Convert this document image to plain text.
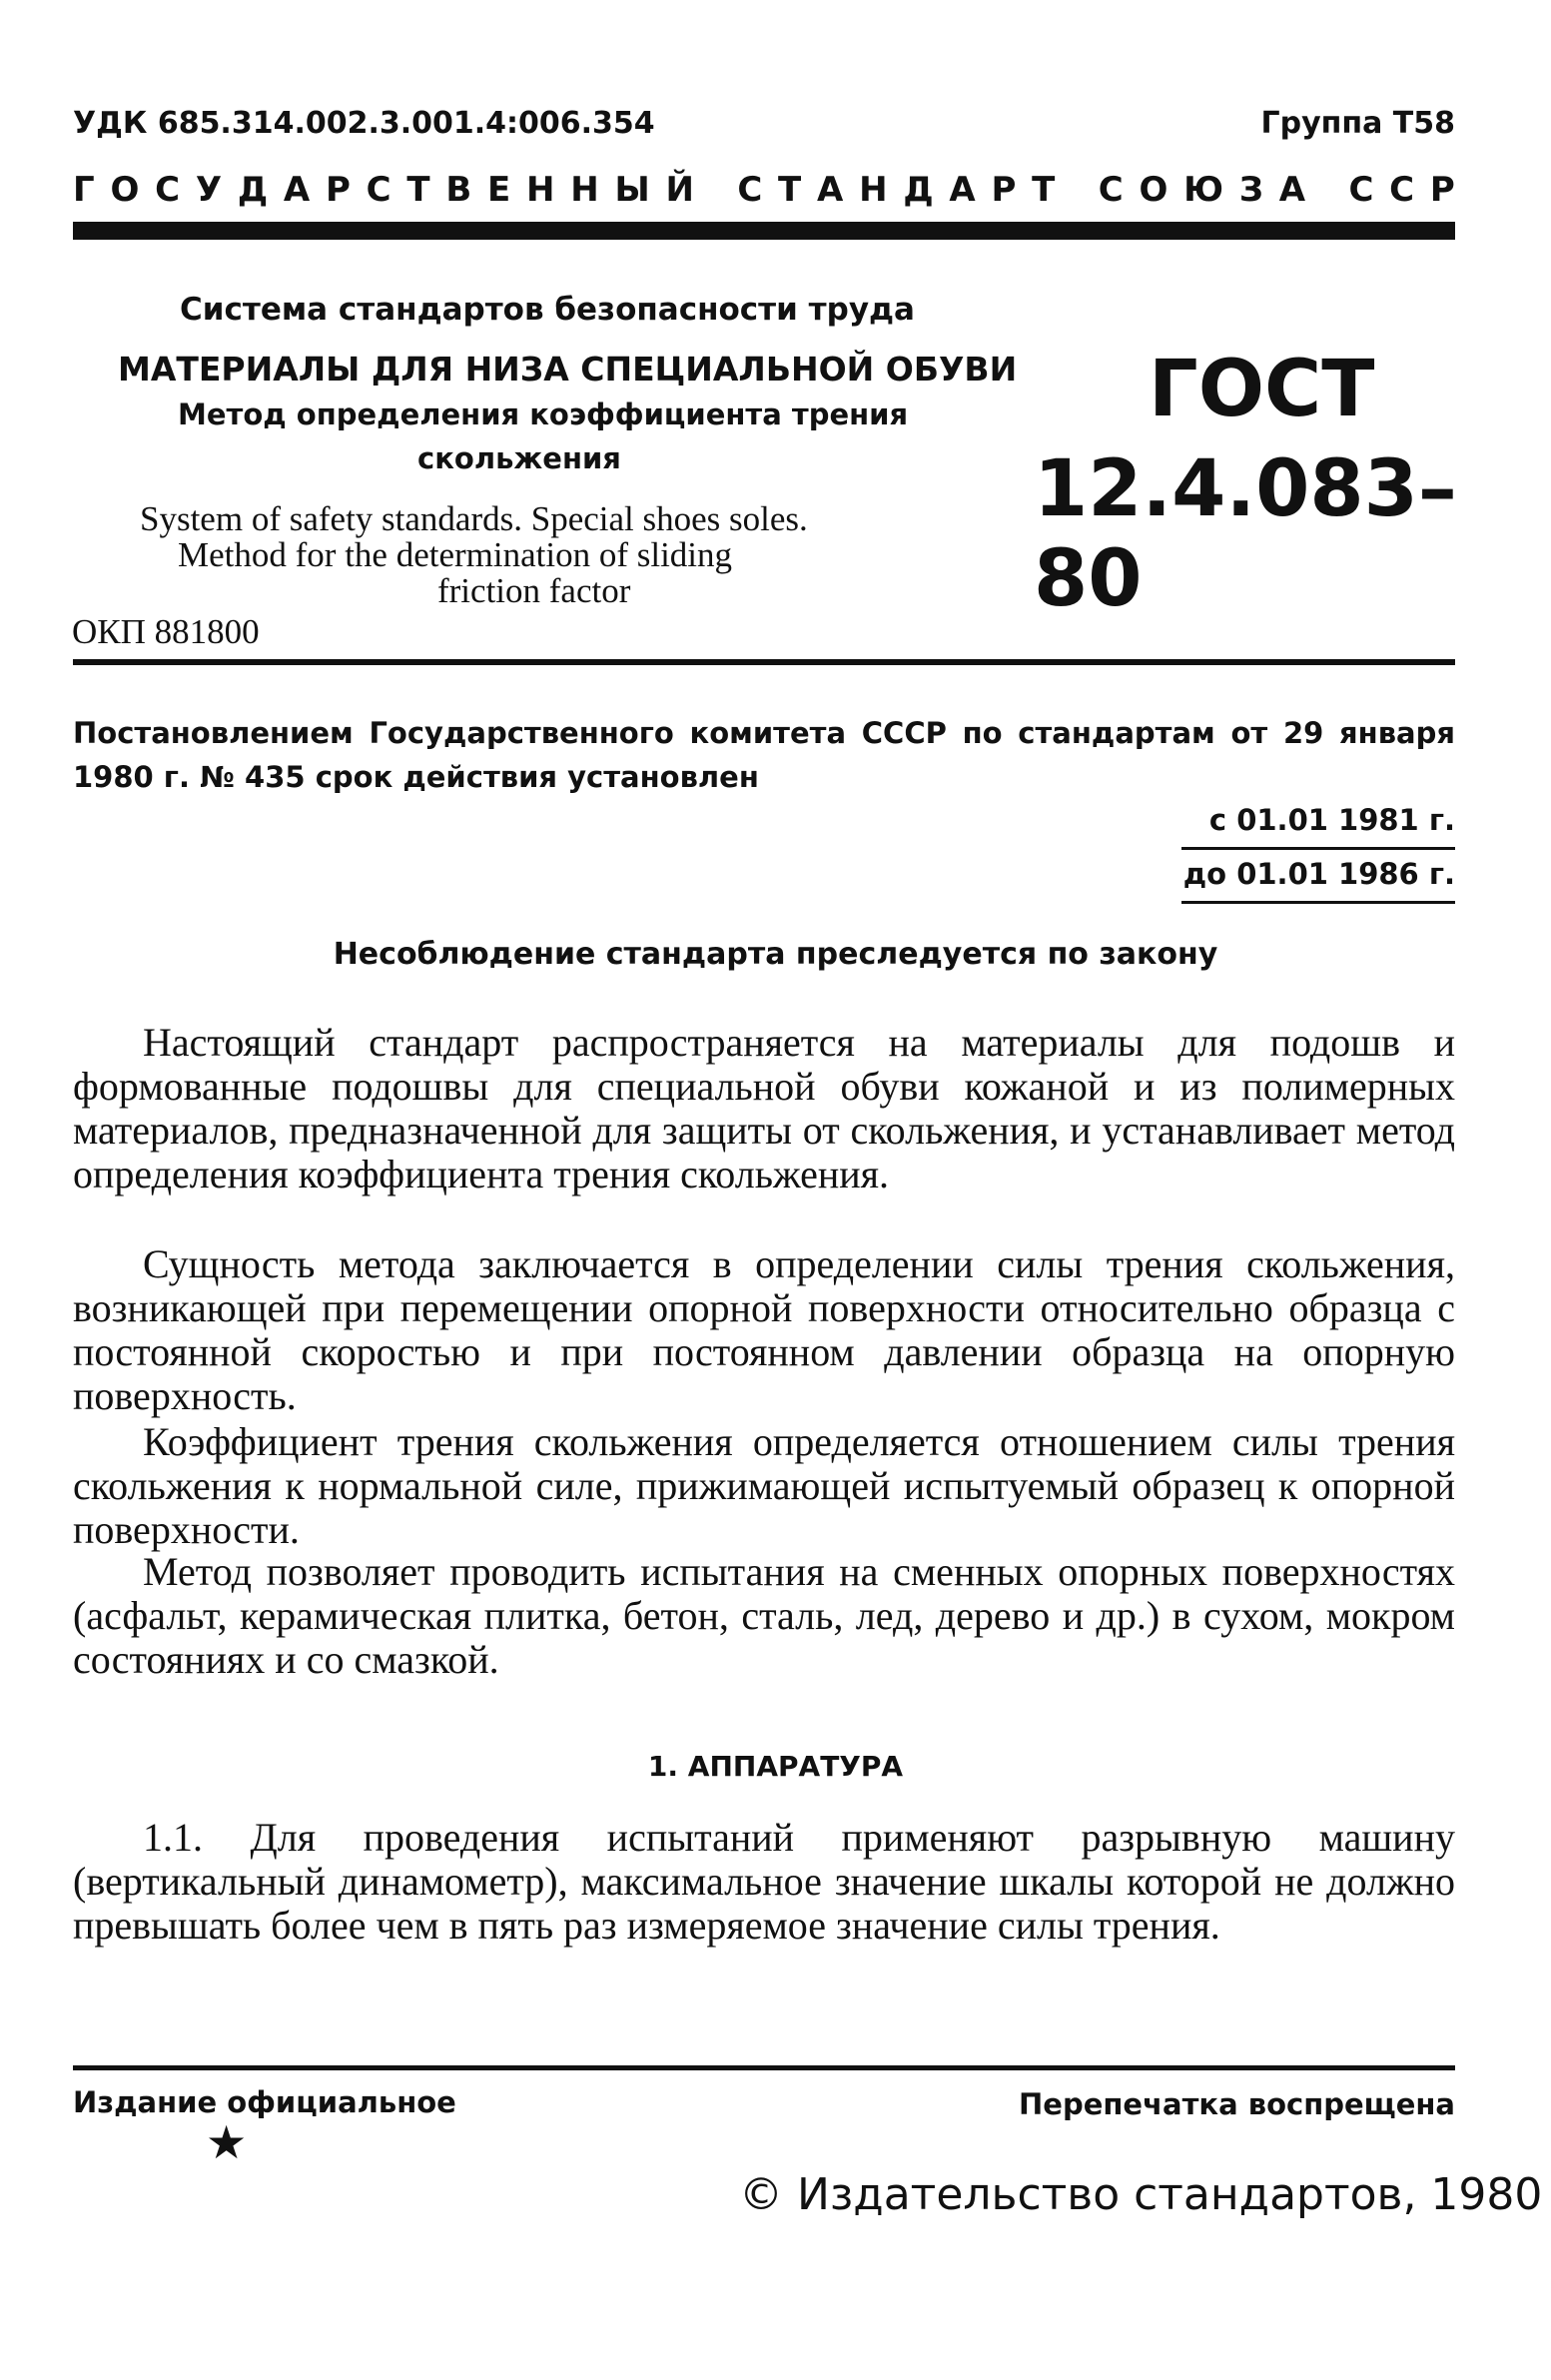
УДК 685.314.002.3.001.4:006.354	Группа Т58
Г О С У Д А Р С Т В Е Н Н Ы Й
С Т А Н Д А Р Т
С О Ю З А
С С Р
Система стандартов безопасности труда
МАТЕРИАЛЫ ДЛЯ НИЗА СПЕЦИАЛЬНОЙ ОБУВИ
Метод определения коэффициента трения
скольжения
System of safety standards. Special shoes soles.
Method for the determination of sliding
friction factor
ОКП 881800
ГОСТ
12.4.083–80
Постановлением Государственного комитета СССР по стандартам от 29 января 1980 г. № 435 срок действия установлен
с 01.01 1981 г.
до 01.01 1986 г.
Несоблюдение стандарта преследуется по закону
Настоящий стандарт распространяется на материалы для подошв и формованные подошвы для специальной обуви кожаной и из полимерных материалов, предназначенной для защиты от скольжения, и устанавливает метод определения коэффициента трения скольжения.
Сущность метода заключается в определении силы трения скольжения, возникающей при перемещении опорной поверхности относительно образца с постоянной скоростью и при постоянном давлении образца на опорную поверхность.
Коэффициент трения скольжения определяется отношением силы трения скольжения к нормальной силе, прижимающей испытуемый образец к опорной поверхности.
Метод позволяет проводить испытания на сменных опорных поверхностях (асфальт, керамическая плитка, бетон, сталь, лед, дерево и др.) в сухом, мокром состояниях и со смазкой.
1. АППАРАТУРА
1.1. Для проведения испытаний применяют разрывную машину (вертикальный динамометр), максимальное значение шкалы которой не должно превышать более чем в пять раз измеряемое значение силы трения.
Издание официальное	Перепечатка воспрещена
★
© Издательство стандартов, 1980
